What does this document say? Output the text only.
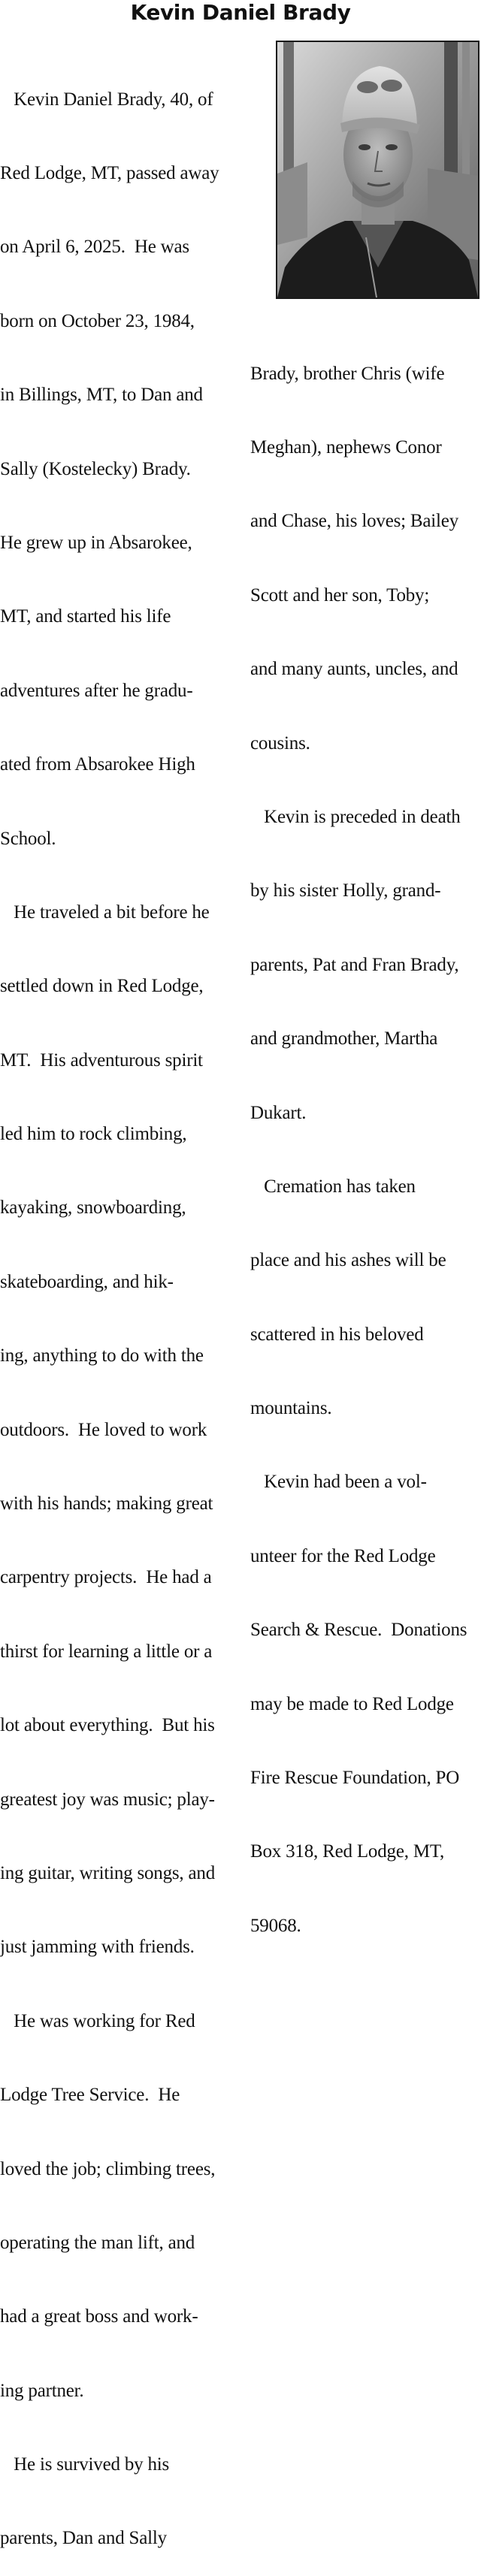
Kevin Daniel Brady

Kevin Daniel Brady, 40, of

Red Lodge, MT, passed away

on April 6, 2025.  He was

born on October 23, 1984,

in Billings, MT, to Dan and

Sally (Kostelecky) Brady.

He grew up in Absarokee,

MT, and started his life

adventures after he gradu-

ated from Absarokee High

School.

He traveled a bit before he

settled down in Red Lodge,

MT.  His adventurous spirit

led him to rock climbing,

kayaking, snowboarding,

skateboarding, and hik-

ing, anything to do with the

outdoors.  He loved to work

with his hands; making great

carpentry projects.  He had a

thirst for learning a little or a

lot about everything.  But his

greatest joy was music; play-

ing guitar, writing songs, and

just jamming with friends.

He was working for Red

Lodge Tree Service.  He

loved the job; climbing trees,

operating the man lift, and

had a great boss and work-

ing partner.

He is survived by his

parents, Dan and Sally

Brady, brother Chris (wife

Meghan), nephews Conor

and Chase, his loves; Bailey

Scott and her son, Toby;

and many aunts, uncles, and

cousins.

Kevin is preceded in death

by his sister Holly, grand-

parents, Pat and Fran Brady,

and grandmother, Martha

Dukart.

Cremation has taken

place and his ashes will be

scattered in his beloved

mountains.

Kevin had been a vol-

unteer for the Red Lodge

Search & Rescue.  Donations

may be made to Red Lodge

Fire Rescue Foundation, PO

Box 318, Red Lodge, MT,

59068.
